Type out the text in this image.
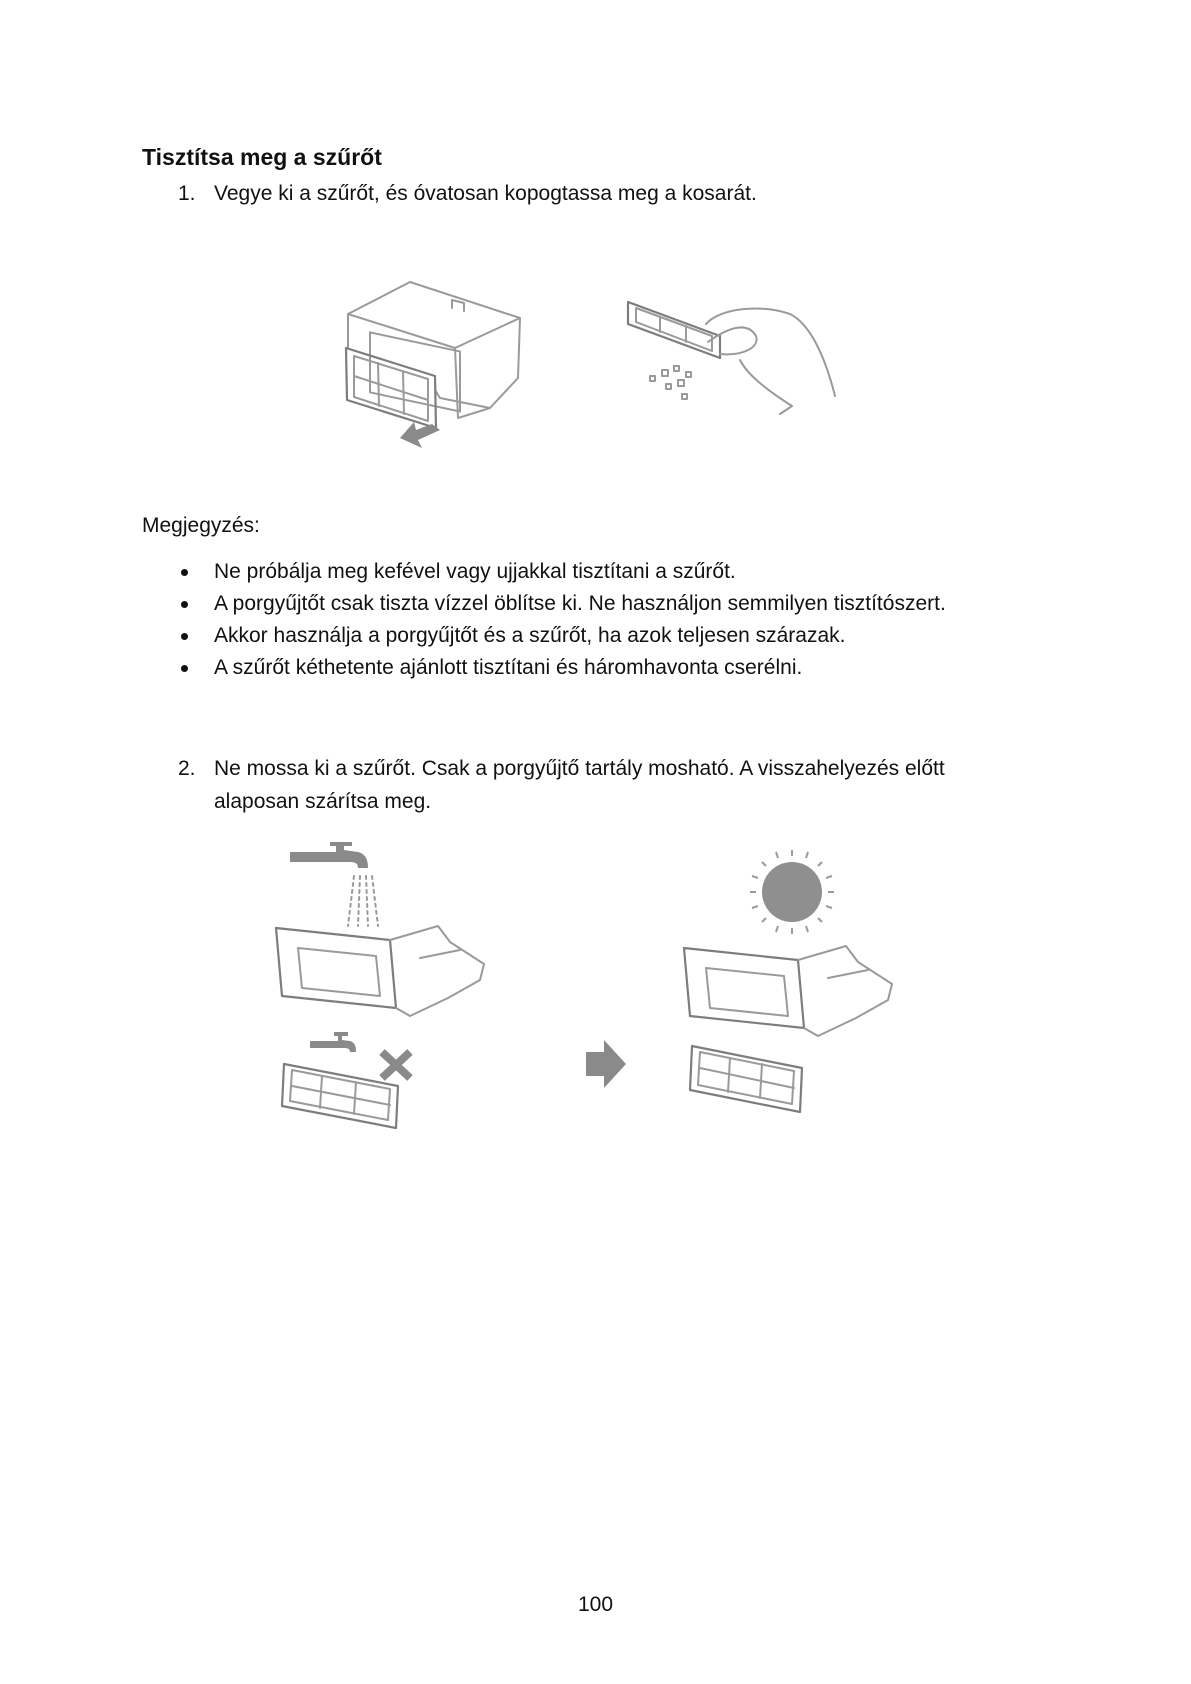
Tisztítsa meg a szűrőt
1. Vegye ki a szűrőt, és óvatosan kopogtassa meg a kosarát.
Megjegyzés:
Ne próbálja meg kefével vagy ujjakkal tisztítani a szűrőt.
A porgyűjtőt csak tiszta vízzel öblítse ki. Ne használjon semmilyen tisztítószert.
Akkor használja a porgyűjtőt és a szűrőt, ha azok teljesen szárazak.
A szűrőt kéthetente ajánlott tisztítani és háromhavonta cserélni.
2. Ne mossa ki a szűrőt. Csak a porgyűjtő tartály mosható. A visszahelyezés előtt
alaposan szárítsa meg.
100
